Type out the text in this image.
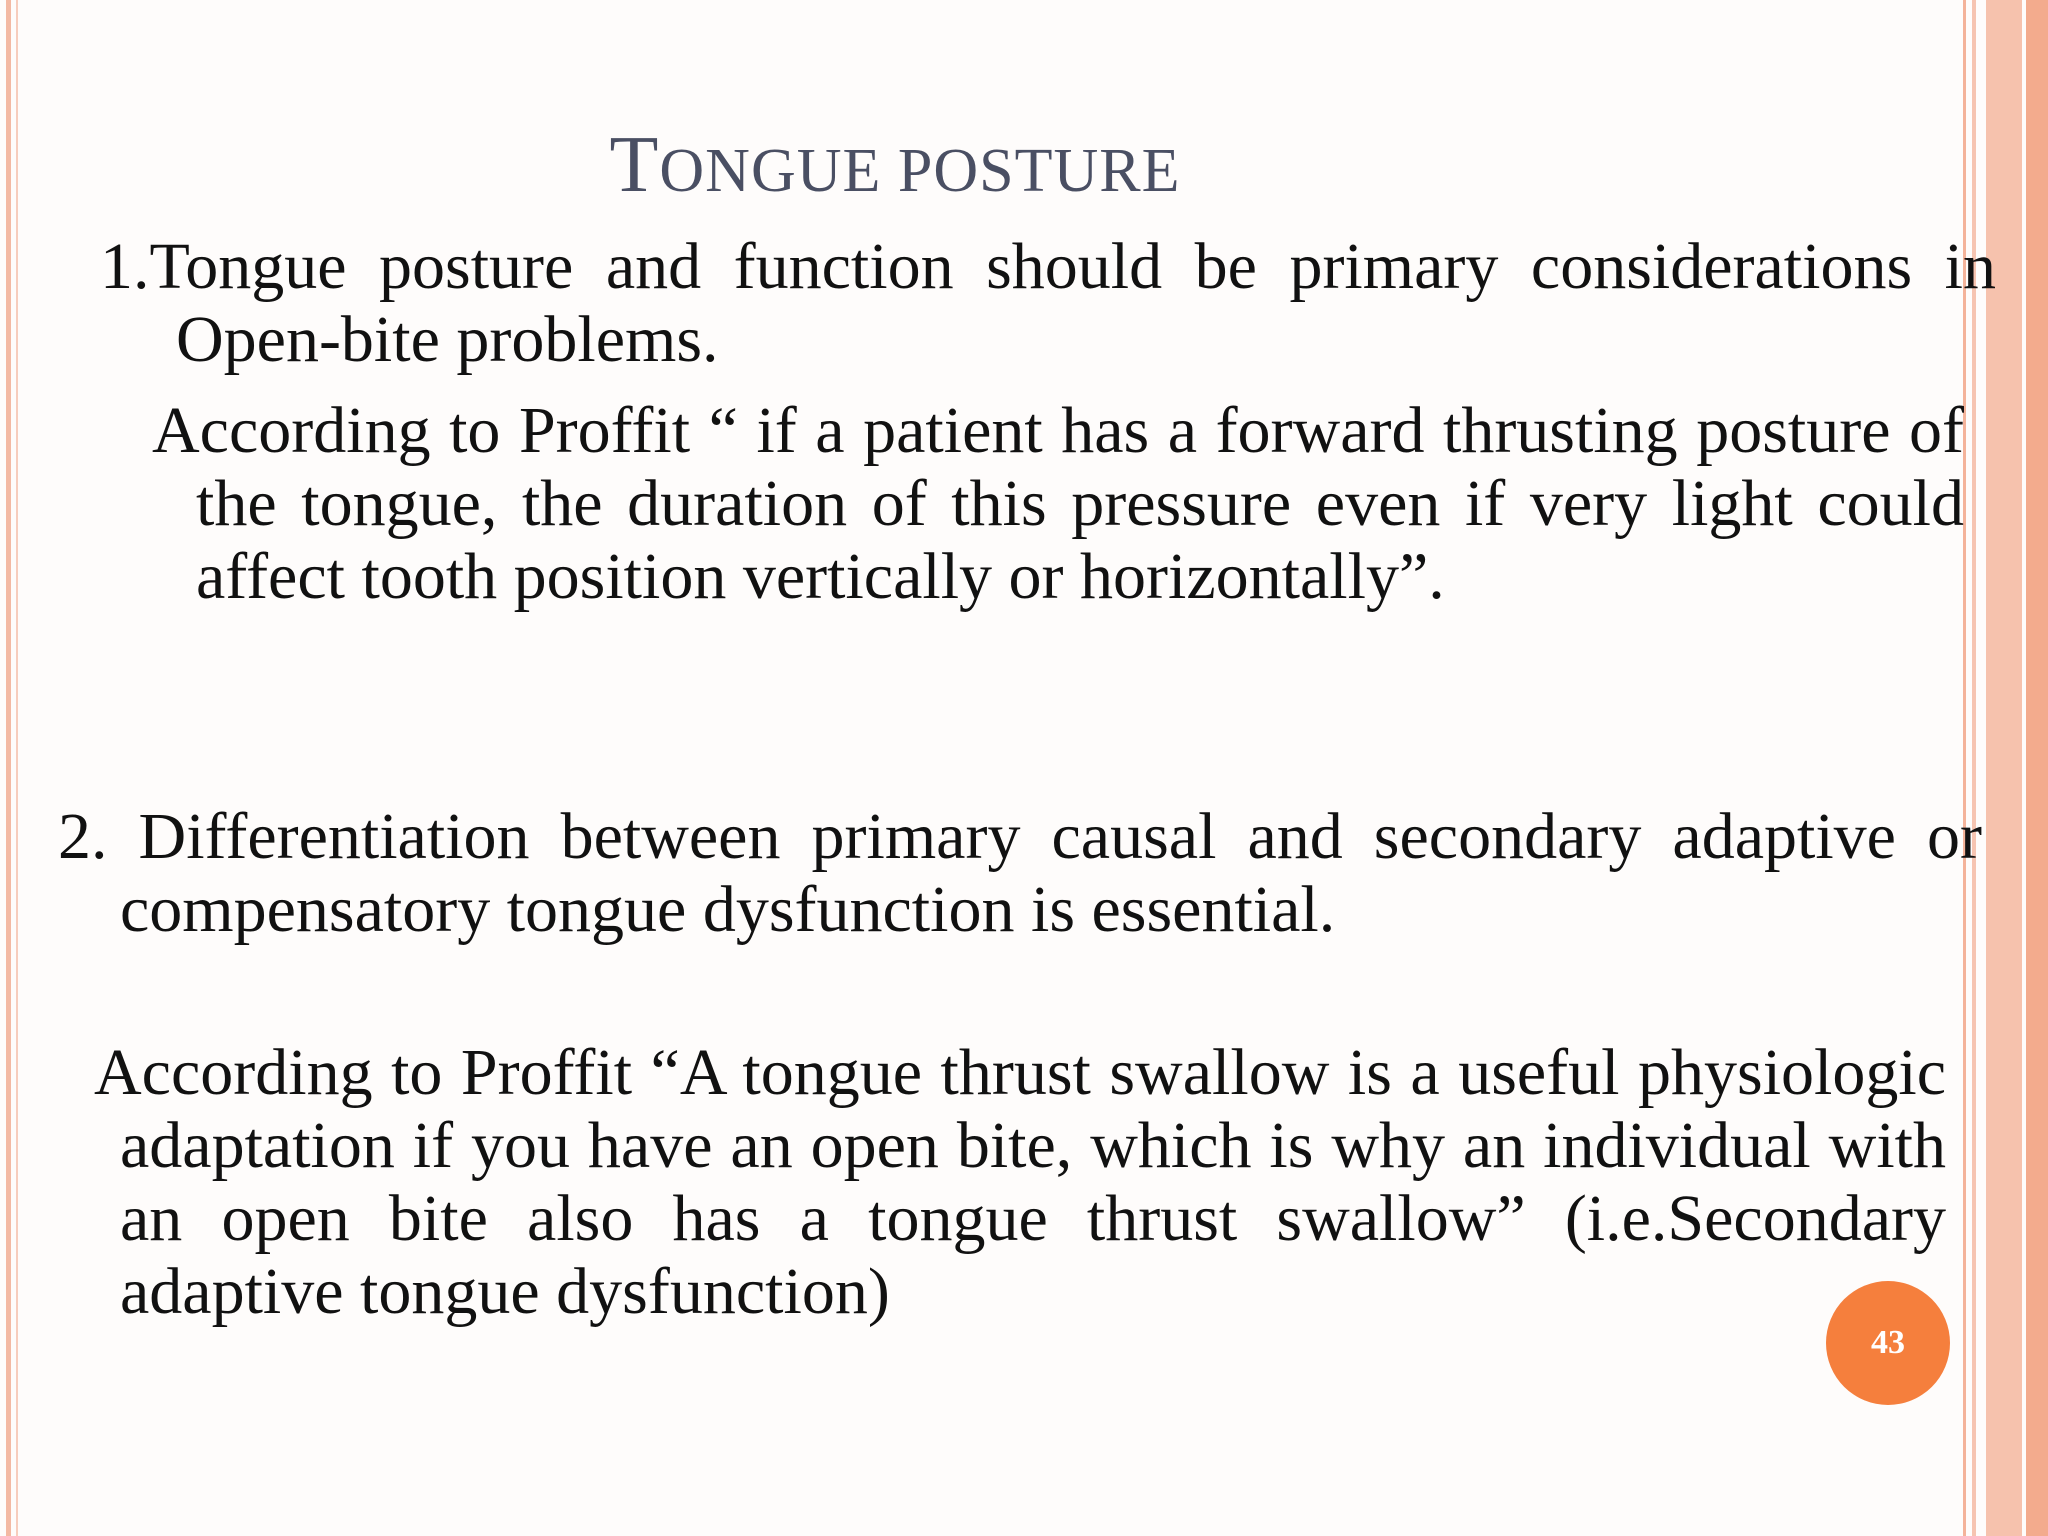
TONGUE POSTURE
1.Tongue posture and function should be primary considerations in Open-bite problems.
According to Proffit “ if a patient has a forward thrusting posture of the tongue, the duration of this pressure even if very light could affect tooth position vertically or horizontally”.
2. Differentiation between primary causal and secondary adaptive or compensatory tongue dysfunction is essential.
According to Proffit “A tongue thrust swallow is a useful physiologic adaptation if you have an open bite, which is why an individual with an open bite also has a tongue thrust swallow” (i.e.Secondary adaptive tongue dysfunction)
43
